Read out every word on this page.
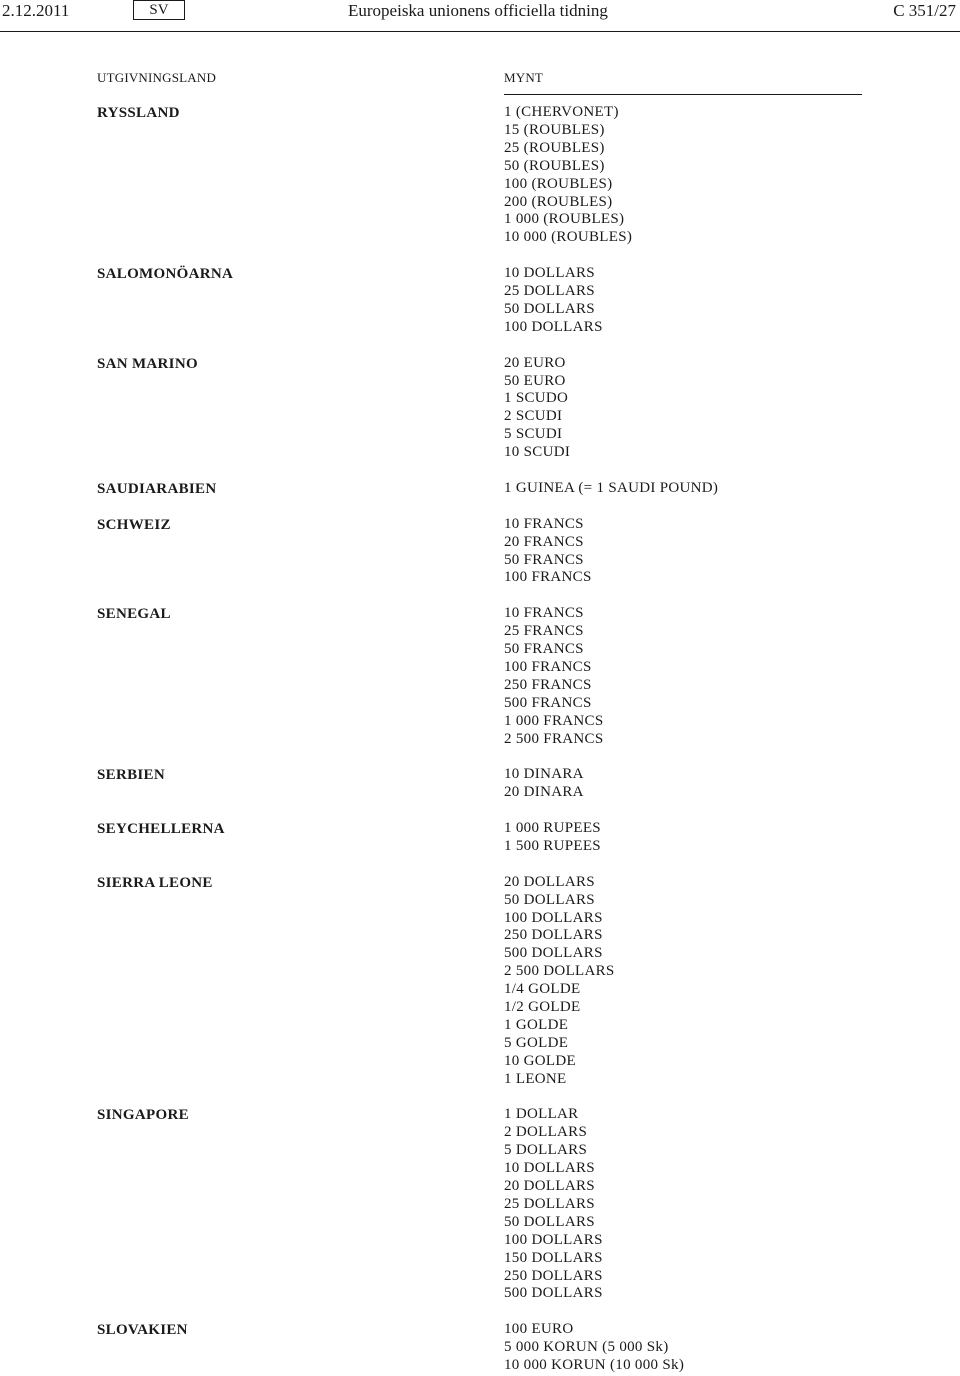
2.12.2011	SV	Europeiska unionens officiella tidning	C 351/27
UTGIVNINGSLAND	MYNT
RYSSLAND	1 (CHERVONET)
15 (ROUBLES)
25 (ROUBLES)
50 (ROUBLES)
100 (ROUBLES)
200 (ROUBLES)
1 000 (ROUBLES)
10 000 (ROUBLES)
SALOMONÖARNA	10 DOLLARS
25 DOLLARS
50 DOLLARS
100 DOLLARS
SAN MARINO	20 EURO
50 EURO
1 SCUDO
2 SCUDI
5 SCUDI
10 SCUDI
SAUDIARABIEN	1 GUINEA (= 1 SAUDI POUND)
SCHWEIZ	10 FRANCS
20 FRANCS
50 FRANCS
100 FRANCS
SENEGAL	10 FRANCS
25 FRANCS
50 FRANCS
100 FRANCS
250 FRANCS
500 FRANCS
1 000 FRANCS
2 500 FRANCS
SERBIEN	10 DINARA
20 DINARA
SEYCHELLERNA	1 000 RUPEES
1 500 RUPEES
SIERRA LEONE	20 DOLLARS
50 DOLLARS
100 DOLLARS
250 DOLLARS
500 DOLLARS
2 500 DOLLARS
1/4 GOLDE
1/2 GOLDE
1 GOLDE
5 GOLDE
10 GOLDE
1 LEONE
SINGAPORE	1 DOLLAR
2 DOLLARS
5 DOLLARS
10 DOLLARS
20 DOLLARS
25 DOLLARS
50 DOLLARS
100 DOLLARS
150 DOLLARS
250 DOLLARS
500 DOLLARS
SLOVAKIEN	100 EURO
5 000 KORUN (5 000 Sk)
10 000 KORUN (10 000 Sk)
